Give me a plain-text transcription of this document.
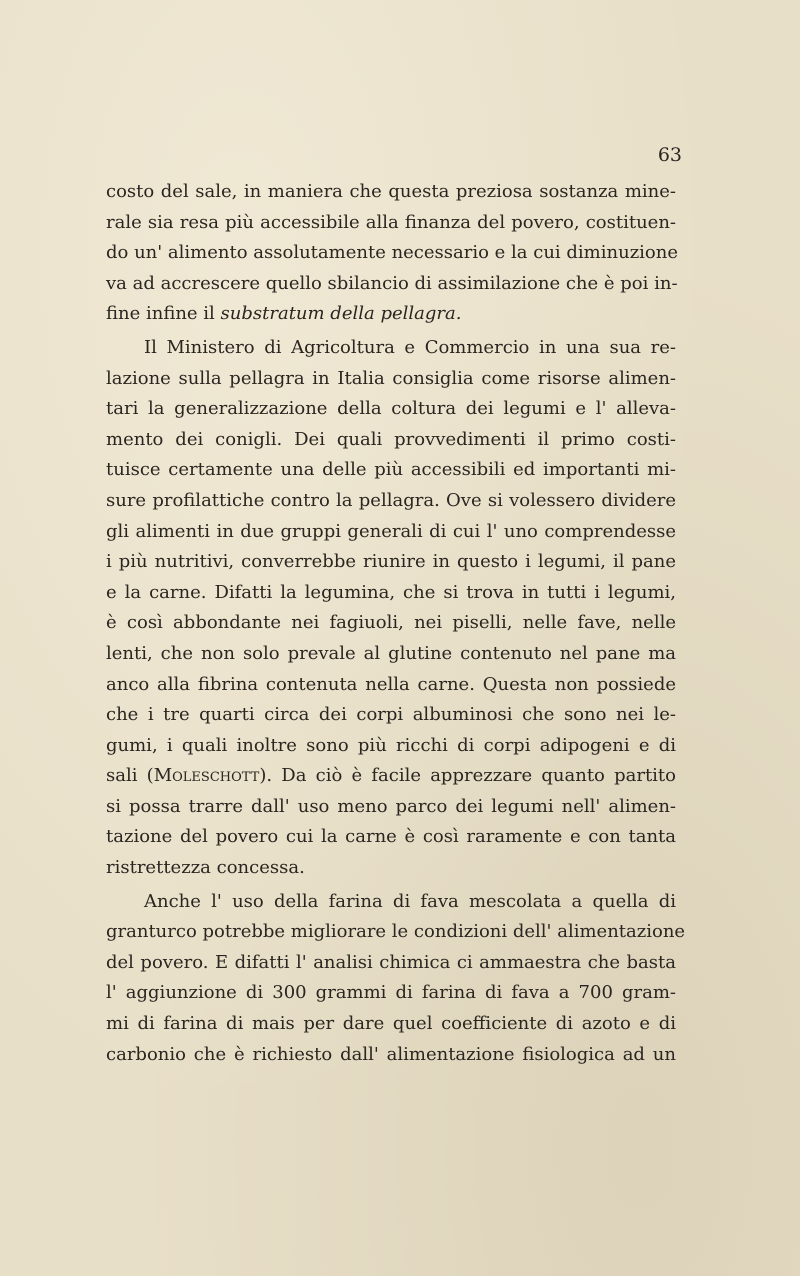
63

costo del sale, in maniera che questa preziosa sostanza mine-
rale sia resa più accessibile alla finanza del povero, costituen-
do un' alimento assolutamente necessario e la cui diminuzione
va ad accrescere quello sbilancio di assimilazione che è poi in-
fine infine il substratum della pellagra.

Il Ministero di Agricoltura e Commercio in una sua re-
lazione sulla pellagra in Italia consiglia come risorse alimen-
tari la generalizzazione della coltura dei legumi e l' alleva-
mento dei conigli. Dei quali provvedimenti il primo costi-
tuisce certamente una delle più accessibili ed importanti mi-
sure profilattiche contro la pellagra. Ove si volessero dividere
gli alimenti in due gruppi generali di cui l' uno comprendesse
i più nutritivi, converrebbe riunire in questo i legumi, il pane
e la carne. Difatti la legumina, che si trova in tutti i legumi,
è così abbondante nei fagiuoli, nei piselli, nelle fave, nelle
lenti, che non solo prevale al glutine contenuto nel pane ma
anco alla fibrina contenuta nella carne. Questa non possiede
che i tre quarti circa dei corpi albuminosi che sono nei le-
gumi, i quali inoltre sono più ricchi di corpi adipogeni e di
sali (Moleschott). Da ciò è facile apprezzare quanto partito
si possa trarre dall' uso meno parco dei legumi nell' alimen-
tazione del povero cui la carne è così raramente e con tanta
ristrettezza concessa.

Anche l' uso della farina di fava mescolata a quella di
granturco potrebbe migliorare le condizioni dell' alimentazione
del povero. E difatti l' analisi chimica ci ammaestra che basta
l' aggiunzione di 300 grammi di farina di fava a 700 gram-
mi di farina di mais per dare quel coefficiente di azoto e di
carbonio che è richiesto dall' alimentazione fisiologica ad un
